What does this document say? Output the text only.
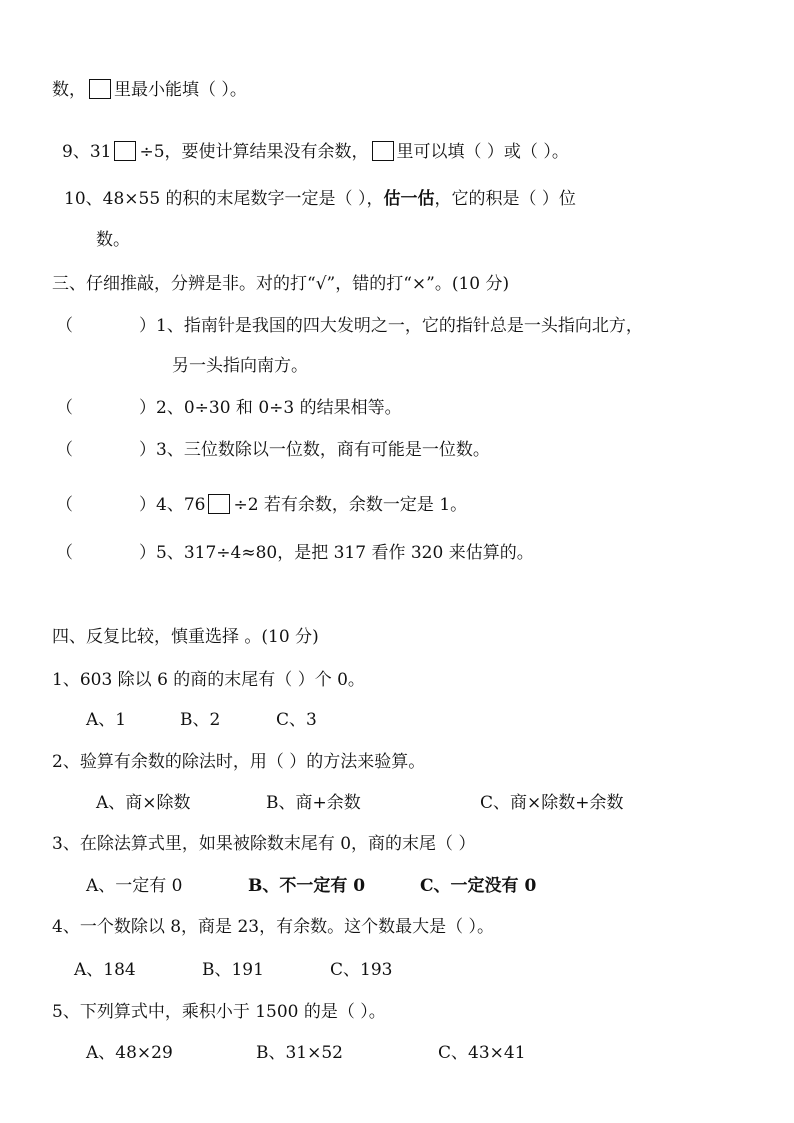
数， 里最小能填（ ）。
9、31 ÷5，要使计算结果没有余数， 里可以填（ ）或（ ）。
10、48×55 的积的末尾数字一定是（ ），估一估，它的积是（ ）位
数。
三、仔细推敲，分辨是非。对的打“√”，错的打“×”。(10 分)
（	）1、指南针是我国的四大发明之一，它的指针总是一头指向北方，
另一头指向南方。
（	）2、0÷30 和 0÷3 的结果相等。
（	）3、三位数除以一位数，商有可能是一位数。
（	）4、76 ÷2 若有余数，余数一定是 1。
（	）5、317÷4≈80，是把 317 看作 320 来估算的。
四、反复比较，慎重选择 。(10 分)
1、603 除以 6 的商的末尾有（ ）个 0。
A、1	B、2	C、3
2、验算有余数的除法时，用（ ）的方法来验算。
A、商×除数	B、商+余数	C、商×除数+余数
3、在除法算式里，如果被除数末尾有 0，商的末尾（ ）
A、一定有 0	B、不一定有 0	C、一定没有 0
4、一个数除以 8，商是 23，有余数。这个数最大是（ ）。
A、184	B、191	C、193
5、下列算式中，乘积小于 1500 的是（ ）。
A、48×29	B、31×52	C、43×41
